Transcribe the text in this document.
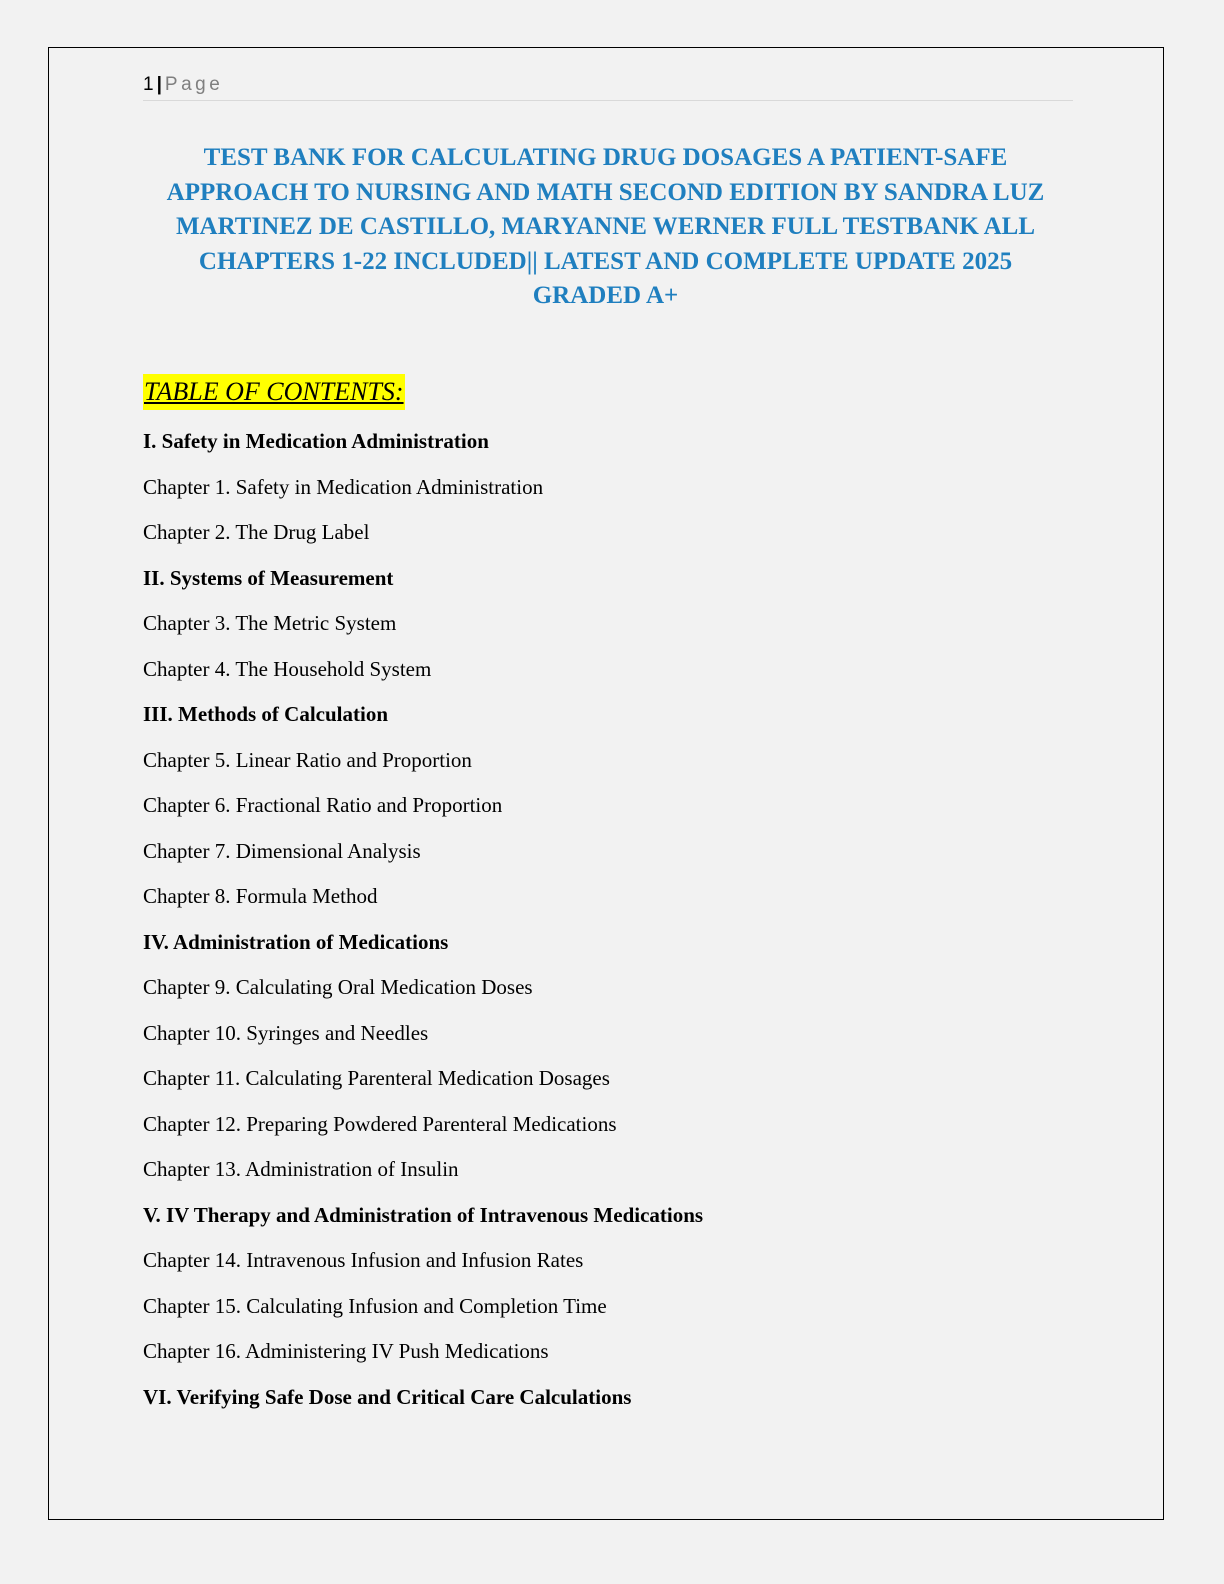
1 | Page
TEST BANK FOR CALCULATING DRUG DOSAGES A PATIENT-SAFE APPROACH TO NURSING AND MATH SECOND EDITION BY SANDRA LUZ MARTINEZ DE CASTILLO, MARYANNE WERNER FULL TESTBANK ALL CHAPTERS 1-22 INCLUDED|| LATEST AND COMPLETE UPDATE 2025 GRADED A+
TABLE OF CONTENTS:
I. Safety in Medication Administration
Chapter 1. Safety in Medication Administration
Chapter 2. The Drug Label
II. Systems of Measurement
Chapter 3. The Metric System
Chapter 4. The Household System
III. Methods of Calculation
Chapter 5. Linear Ratio and Proportion
Chapter 6. Fractional Ratio and Proportion
Chapter 7. Dimensional Analysis
Chapter 8. Formula Method
IV. Administration of Medications
Chapter 9. Calculating Oral Medication Doses
Chapter 10. Syringes and Needles
Chapter 11. Calculating Parenteral Medication Dosages
Chapter 12. Preparing Powdered Parenteral Medications
Chapter 13. Administration of Insulin
V. IV Therapy and Administration of Intravenous Medications
Chapter 14. Intravenous Infusion and Infusion Rates
Chapter 15. Calculating Infusion and Completion Time
Chapter 16. Administering IV Push Medications
VI. Verifying Safe Dose and Critical Care Calculations
